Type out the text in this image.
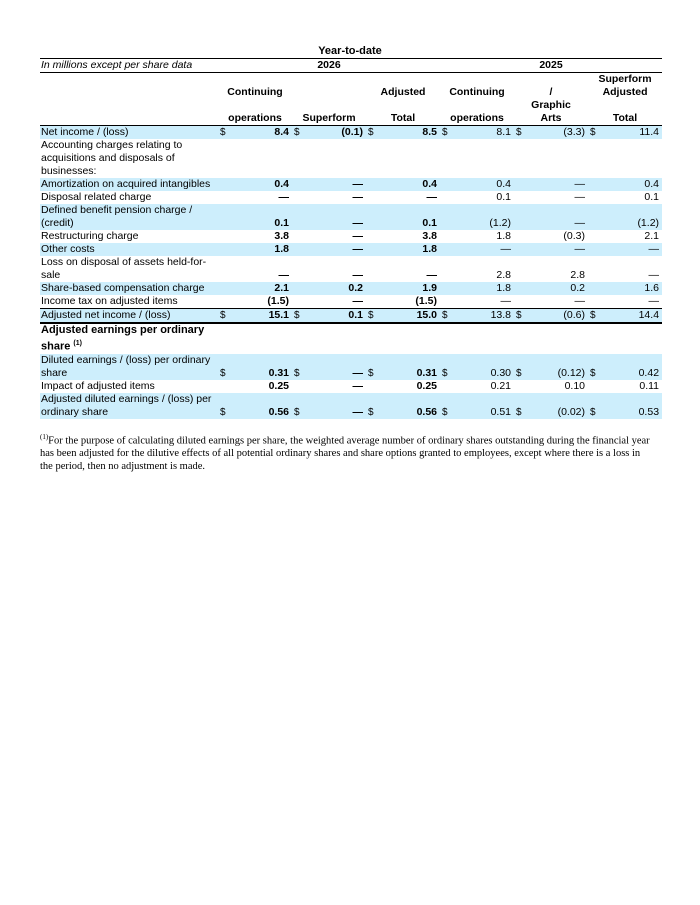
Year-to-date
In millions except per share data	2026						2025					
											Superform	
	Continuing				Adjusted		Continuing		/		Adjusted	
									Graphic			
	operations		Superform		Total		operations		Arts		Total	
Net income / (loss)	$	8.4	$	(0.1)	$	8.5	$	8.1	$	(3.3)	$	11.4
Accounting charges relating to acquisitions and disposals of businesses:												
Amortization on acquired intangibles		0.4		—		0.4		0.4		—		0.4
Disposal related charge		—		—		—		0.1		—		0.1
Defined benefit pension charge / (credit)		0.1		—		0.1		(1.2)		—		(1.2)
Restructuring charge		3.8		—		3.8		1.8		(0.3)		2.1
Other costs		1.8		—		1.8		—		—		—
Loss on disposal of assets held-for-sale		—		—		—		2.8		2.8		—
Share-based compensation charge		2.1		0.2		1.9		1.8		0.2		1.6
Income tax on adjusted items		(1.5)		—		(1.5)		—		—		—
Adjusted net income / (loss)	$	15.1	$	0.1	$	15.0	$	13.8	$	(0.6)	$	14.4
Adjusted earnings per ordinary share $^{(1)}$	
Diluted earnings / (loss) per ordinary share	$	0.31	$	—	$	0.31	$	0.30	$	(0.12)	$	0.42
Impact of adjusted items		0.25		—		0.25		0.21		0.10		0.11
Adjusted diluted earnings / (loss) per ordinary share	$	0.56	$	—	$	0.56	$	0.51	$	(0.02)	$	0.53
$^{(1)}$For the purpose of calculating diluted earnings per share, the weighted average number of ordinary shares outstanding during the financial year has been adjusted for the dilutive effects of all potential ordinary shares and share options granted to employees, except where there is a loss in the period, then no adjustment is made.
